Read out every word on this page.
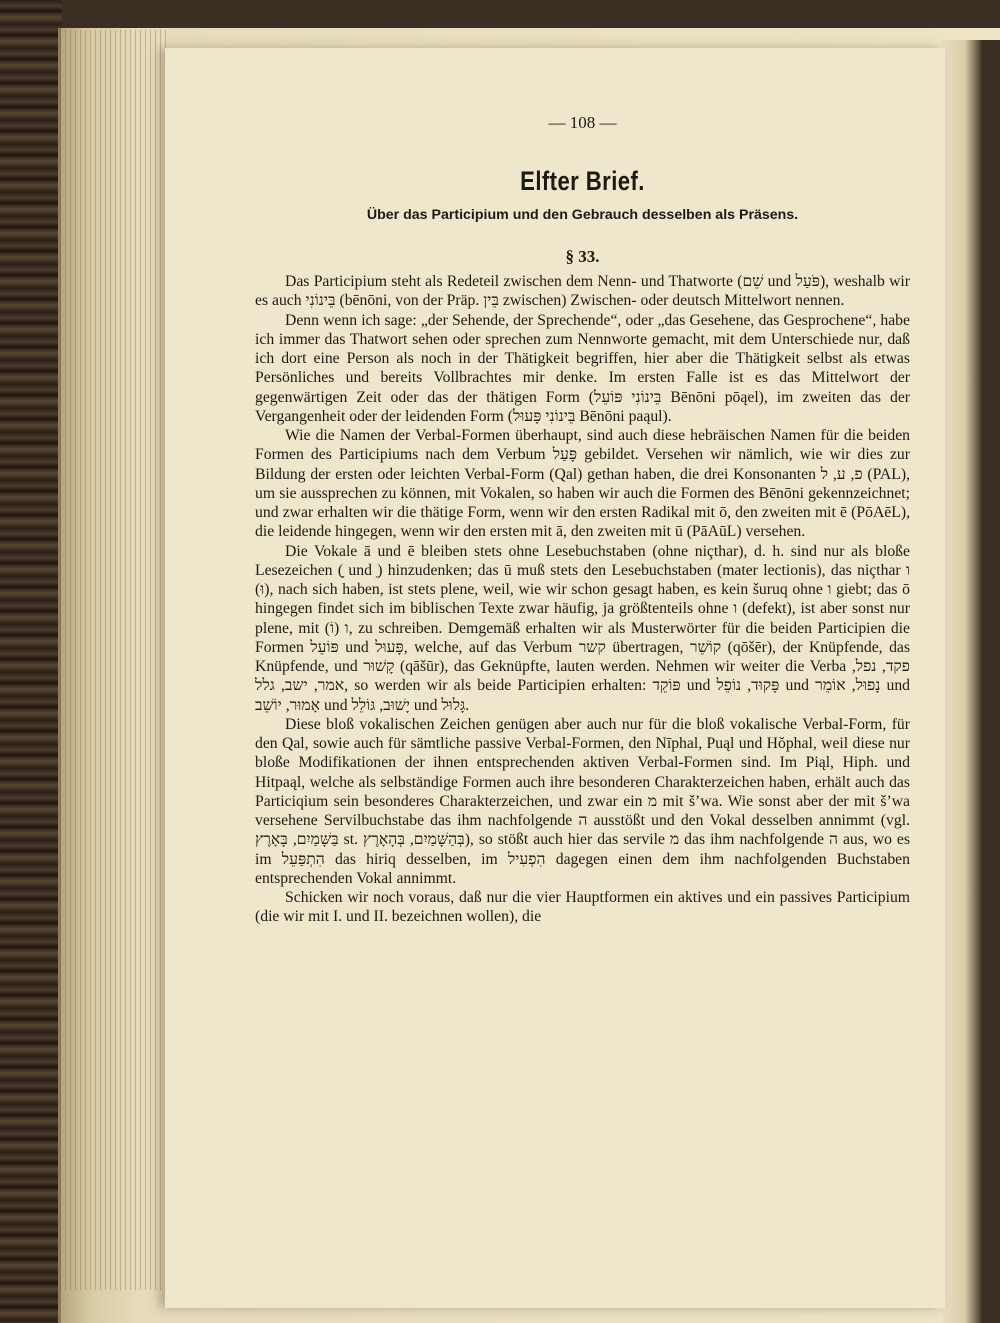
— 108 —
Elfter Brief.
Über das Participium und den Gebrauch desselben als Präsens.
§ 33.

Das Participium steht als Redeteil zwischen dem Nenn- und Thatworte (שֵׁם und פֹּעַל), weshalb wir es auch בֵּינוֹנִי (bēnōni, von der Präp. בֵּין zwischen) Zwischen- oder deutsch Mittelwort nennen.

Denn wenn ich sage: „der Sehende, der Sprechende“, oder „das Gesehene, das Gesprochene“, habe ich immer das Thatwort sehen oder sprechen zum Nennworte gemacht, mit dem Unterschiede nur, daß ich dort eine Person als noch in der Thätigkeit begriffen, hier aber die Thätigkeit selbst als etwas Persönliches und bereits Vollbrachtes mir denke. Im ersten Falle ist es das Mittelwort der gegenwärtigen Zeit oder das der thätigen Form (בֵּינוֹנִי פּוֹעֵל Bēnōni pōąel), im zweiten das der Vergangenheit oder der leidenden Form (בֵּינוֹנִי פָּעוּל Bēnōni paąul).

Wie die Namen der Verbal-Formen überhaupt, sind auch diese hebräischen Namen für die beiden Formen des Participiums nach dem Verbum פָּעַל gebildet. Versehen wir nämlich, wie wir dies zur Bildung der ersten oder leichten Verbal-Form (Qal) gethan haben, die drei Konsonanten פ, ע, ל (PAL), um sie aussprechen zu können, mit Vokalen, so haben wir auch die Formen des Bēnōni gekennzeichnet; und zwar erhalten wir die thätige Form, wenn wir den ersten Radikal mit ō, den zweiten mit ē (PōAēL), die leidende hingegen, wenn wir den ersten mit ā, den zweiten mit ū (PāAūL) versehen.

Die Vokale ā und ē bleiben stets ohne Lesebuchstaben (ohne niçthar), d. h. sind nur als bloße Lesezeichen (ָ und ֵ) hinzudenken; das ū muß stets den Lesebuchstaben (mater lectionis), das niçthar ו (וּ), nach sich haben, ist stets plene, weil, wie wir schon gesagt haben, es kein šuruq ohne ו giebt; das ō hingegen findet sich im biblischen Texte zwar häufig, ja größtenteils ohne ו (defekt), ist aber sonst nur plene, mit ו (וֹ), zu schreiben. Demgemäß erhalten wir als Musterwörter für die beiden Participien die Formen פּוֹעֵל und פָּעוּל, welche, auf das Verbum קשר übertragen, קוֹשֵׁר (qōšēr), der Knüpfende, das Knüpfende, und קָשׁוּר (qāšūr), das Geknüpfte, lauten werden. Nehmen wir weiter die Verba פקד, נפל, אמר, ישב, גלל, so werden wir als beide Participien erhalten: פּוֹקֵד und פָּקוּד, נוֹפֵל und נָפוּל, אוֹמֵר und אָמוּר, יוֹשֵׁב und יָשׁוּב, גּוֹלֵל und גָּלוּל.

Diese bloß vokalischen Zeichen genügen aber auch nur für die bloß vokalische Verbal-Form, für den Qal, sowie auch für sämtliche passive Verbal-Formen, den Nīphal, Puąl und Hŏphal, weil diese nur bloße Modifikationen der ihnen entsprechenden aktiven Verbal-Formen sind. Im Piąl, Hiph. und Hitpaąl, welche als selbständige Formen auch ihre besonderen Charakterzeichen haben, erhält auch das Particiqium sein besonderes Charakterzeichen, und zwar ein מ mit š’wa. Wie sonst aber der mit š’wa versehene Servilbuchstabe das ihm nachfolgende ה ausstößt und den Vokal desselben annimmt (vgl. בַּשָּׁמַיִם, בָּאָרֶץ st. בְּהַשָּׁמַיִם, בְּהָאָרֶץ), so stößt auch hier das servile מ das ihm nachfolgende ה aus, wo es im הִתְפַּעֵל das hiriq desselben, im הִפְעִיל dagegen einen dem ihm nachfolgenden Buchstaben entsprechenden Vokal annimmt.

Schicken wir noch voraus, daß nur die vier Hauptformen ein aktives und ein passives Participium (die wir mit I. und II. bezeichnen wollen), die
